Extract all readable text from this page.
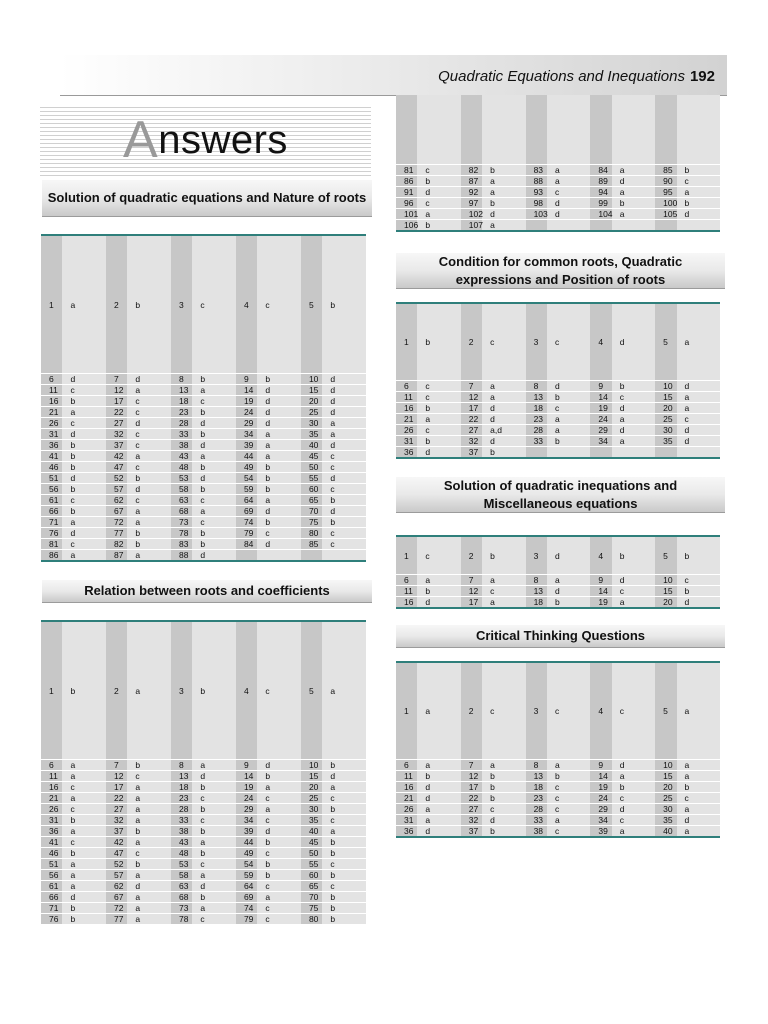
Quadratic Equations and Inequations 192
A nswers
Solution of quadratic equations and Nature of roots
Relation between roots and coefficients
Condition for common roots, Quadratic expressions and Position of roots
Solution of quadratic inequations and Miscellaneous equations
Critical Thinking Questions
1	a	2	b	3	c	4	c	5	b
6	d	7	d	8	b	9	b	10	d
11	c	12	a	13	a	14	d	15	d
16	b	17	c	18	c	19	d	20	d
21	a	22	c	23	b	24	d	25	d
26	c	27	d	28	d	29	d	30	a
31	d	32	c	33	b	34	a	35	a
36	b	37	c	38	d	39	a	40	d
41	b	42	a	43	a	44	a	45	c
46	b	47	c	48	b	49	b	50	c
51	d	52	b	53	d	54	b	55	d
56	b	57	d	58	b	59	b	60	c
61	c	62	c	63	c	64	a	65	b
66	b	67	a	68	a	69	d	70	d
71	a	72	a	73	c	74	b	75	b
76	d	77	b	78	b	79	c	80	c
81	c	82	b	83	b	84	d	85	c
86	a	87	a	88	d				
1	b	2	a	3	b	4	c	5	a
6	a	7	b	8	a	9	d	10	b
11	a	12	c	13	d	14	b	15	d
16	c	17	a	18	b	19	a	20	a
21	a	22	a	23	c	24	c	25	c
26	c	27	a	28	b	29	a	30	b
31	b	32	a	33	c	34	c	35	c
36	a	37	b	38	b	39	d	40	a
41	c	42	a	43	a	44	b	45	b
46	b	47	c	48	b	49	c	50	b
51	a	52	b	53	c	54	b	55	c
56	a	57	a	58	a	59	b	60	b
61	a	62	d	63	d	64	c	65	c
66	d	67	a	68	b	69	a	70	b
71	b	72	a	73	a	74	c	75	b
76	b	77	a	78	c	79	c	80	b

81	c	82	b	83	a	84	a	85	b
86	b	87	a	88	a	89	d	90	c
91	d	92	a	93	c	94	a	95	a
96	c	97	b	98	d	99	b	100	b
101	a	102	d	103	d	104	a	105	d
106	b	107	a						
1	b	2	c	3	c	4	d	5	a
6	c	7	a	8	d	9	b	10	d
11	c	12	a	13	b	14	c	15	a
16	b	17	d	18	c	19	d	20	a
21	a	22	d	23	a	24	a	25	c
26	c	27	a,d	28	a	29	d	30	d
31	b	32	d	33	b	34	a	35	d
36	d	37	b						
1	c	2	b	3	d	4	b	5	b
6	a	7	a	8	a	9	d	10	c
11	b	12	c	13	d	14	c	15	b
16	d	17	a	18	b	19	a	20	d
1	a	2	c	3	c	4	c	5	a
6	a	7	a	8	a	9	d	10	a
11	b	12	b	13	b	14	a	15	a
16	d	17	b	18	c	19	b	20	b
21	d	22	b	23	c	24	c	25	c
26	a	27	c	28	c	29	d	30	a
31	a	32	d	33	a	34	c	35	d
36	d	37	b	38	c	39	a	40	a
